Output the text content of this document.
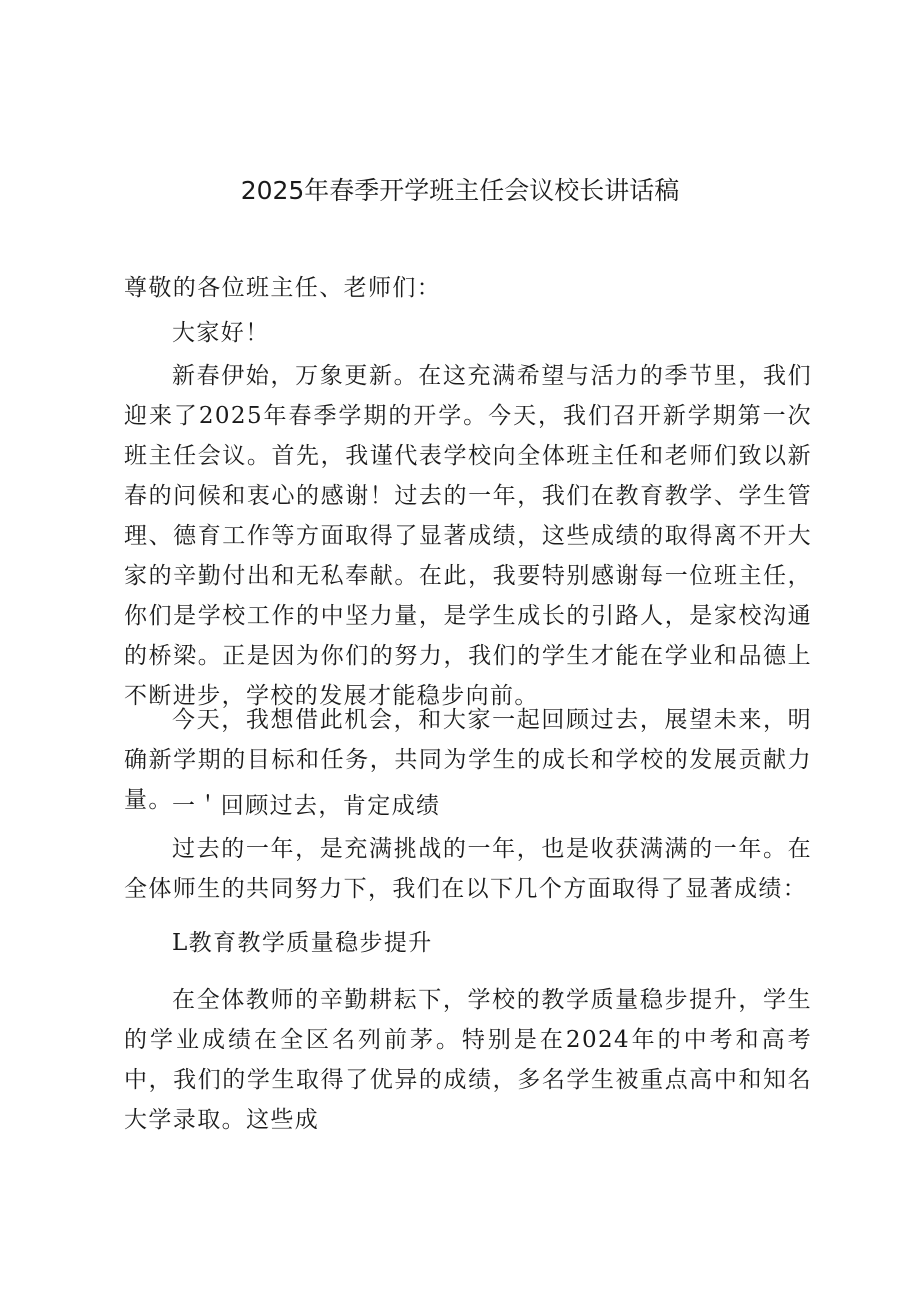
2025年春季开学班主任会议校长讲话稿

尊敬的各位班主任、老师们：

大家好！

新春伊始，万象更新。在这充满希望与活力的季节里，我们迎来了2025年春季学期的开学。今天，我们召开新学期第一次班主任会议。首先，我谨代表学校向全体班主任和老师们致以新春的问候和衷心的感谢！过去的一年，我们在教育教学、学生管理、德育工作等方面取得了显著成绩，这些成绩的取得离不开大家的辛勤付出和无私奉献。在此，我要特别感谢每一位班主任，你们是学校工作的中坚力量，是学生成长的引路人，是家校沟通的桥梁。正是因为你们的努力，我们的学生才能在学业和品德上不断进步，学校的发展才能稳步向前。

今天，我想借此机会，和大家一起回顾过去，展望未来，明确新学期的目标和任务，共同为学生的成长和学校的发展贡献力量。 一＇回顾过去，肯定成绩

过去的一年，是充满挑战的一年，也是收获满满的一年。在全体师生的共同努力下，我们在以下几个方面取得了显著成绩：

L教育教学质量稳步提升

在全体教师的辛勤耕耘下，学校的教学质量稳步提升，学生的学业成绩在全区名列前茅。特别是在2024年的中考和高考中，我们的学生取得了优异的成绩，多名学生被重点高中和知名大学录取。这些成
